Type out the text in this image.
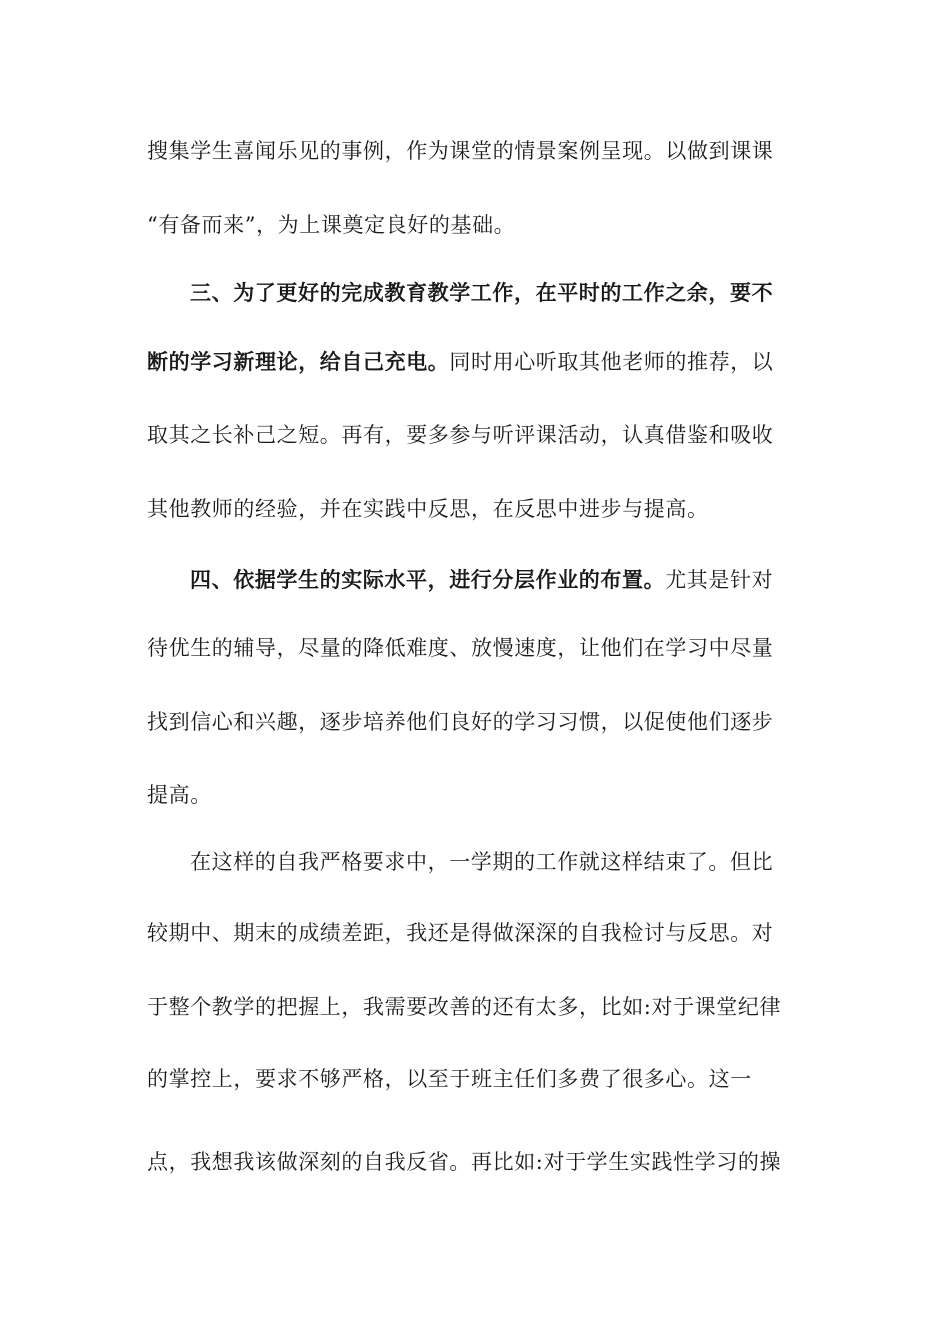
搜集学生喜闻乐见的事例，作为课堂的情景案例呈现。以做到课课
“有备而来”，为上课奠定良好的基础。
三、为了更好的完成教育教学工作，在平时的工作之余，要不
断的学习新理论，给自己充电。同时用心听取其他老师的推荐，以
取其之长补己之短。再有，要多参与听评课活动，认真借鉴和吸收
其他教师的经验，并在实践中反思，在反思中进步与提高。
四、依据学生的实际水平，进行分层作业的布置。尤其是针对
待优生的辅导，尽量的降低难度、放慢速度，让他们在学习中尽量
找到信心和兴趣，逐步培养他们良好的学习习惯，以促使他们逐步
提高。
在这样的自我严格要求中，一学期的工作就这样结束了。但比
较期中、期末的成绩差距，我还是得做深深的自我检讨与反思。对
于整个教学的把握上，我需要改善的还有太多，比如:对于课堂纪律
的掌控上，要求不够严格，以至于班主任们多费了很多心。这一
点，我想我该做深刻的自我反省。再比如:对于学生实践性学习的操
